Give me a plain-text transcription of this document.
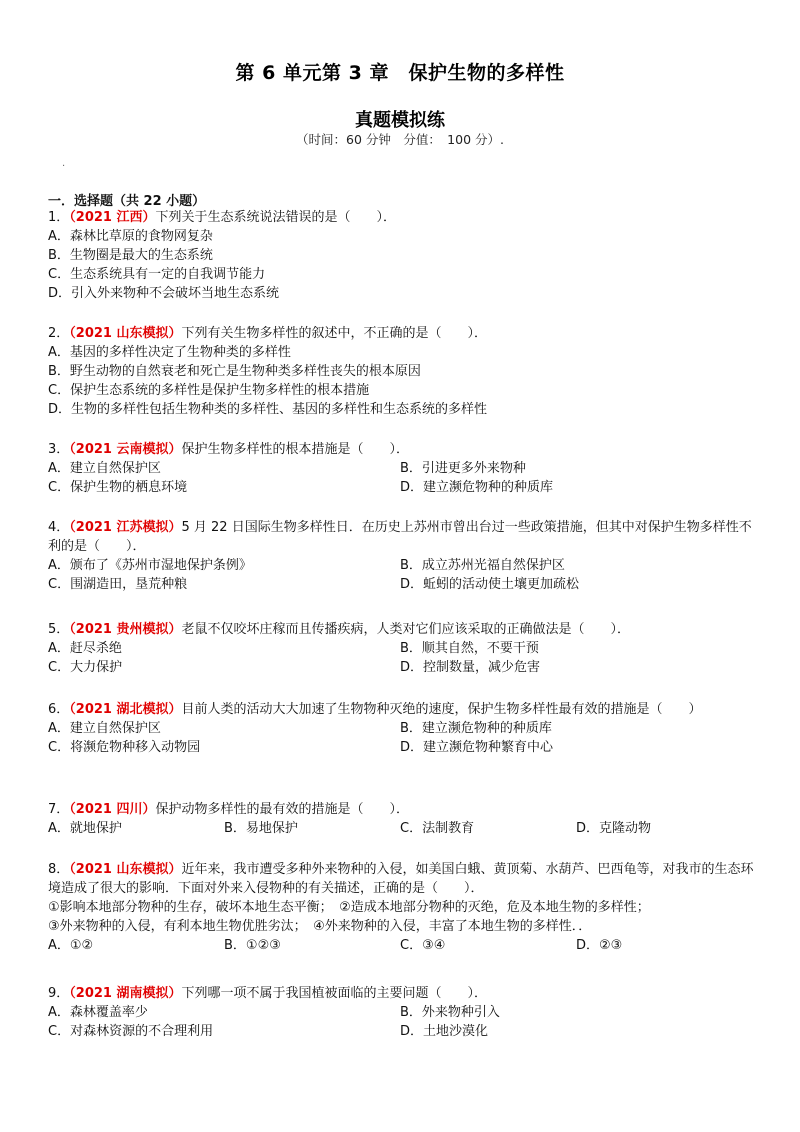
第 6 单元第 3 章　保护生物的多样性
真题模拟练
（时间：60 分钟　分值：　100 分）.
.
一．选择题（共 22 小题）
1．（2021 江西）下列关于生态系统说法错误的是（　　）．
A．森林比草原的食物网复杂
B．生物圈是最大的生态系统
C．生态系统具有一定的自我调节能力
D．引入外来物种不会破坏当地生态系统
2．（2021 山东模拟）下列有关生物多样性的叙述中，不正确的是（　　）．
A．基因的多样性决定了生物种类的多样性
B．野生动物的自然衰老和死亡是生物种类多样性丧失的根本原因
C．保护生态系统的多样性是保护生物多样性的根本措施
D．生物的多样性包括生物种类的多样性、基因的多样性和生态系统的多样性
3．（2021 云南模拟）保护生物多样性的根本措施是（　　）．
A．建立自然保护区	B．引进更多外来物种
C．保护生物的栖息环境	D．建立濒危物种的种质库
4．（2021 江苏模拟）5 月 22 日国际生物多样性日．在历史上苏州市曾出台过一些政策措施，但其中对保护生物多样性不利的是（　　）．
A．颁布了《苏州市湿地保护条例》	B．成立苏州光福自然保护区
C．围湖造田，垦荒种粮	D．蚯蚓的活动使土壤更加疏松
5．（2021 贵州模拟）老鼠不仅咬坏庄稼而且传播疾病，人类对它们应该采取的正确做法是（　　）．
A．赶尽杀绝	B．顺其自然，不要干预
C．大力保护	D．控制数量，减少危害
6．（2021 湖北模拟）目前人类的活动大大加速了生物物种灭绝的速度，保护生物多样性最有效的措施是（　　）
A．建立自然保护区	B．建立濒危物种的种质库
C．将濒危物种移入动物园	D．建立濒危物种繁育中心
7．（2021 四川）保护动物多样性的最有效的措施是（　　）．
A．就地保护	B．易地保护	C．法制教育	D．克隆动物
8．（2021 山东模拟）近年来，我市遭受多种外来物种的入侵，如美国白蛾、黄顶菊、水葫芦、巴西龟等，对我市的生态环境造成了很大的影响．下面对外来入侵物种的有关描述，正确的是（　　）．
①影响本地部分物种的生存，破坏本地生态平衡；　②造成本地部分物种的灭绝，危及本地生物的多样性；
③外来物种的入侵，有利本地生物优胜劣汰；　④外来物种的入侵，丰富了本地生物的多样性．．
A．①②	B．①②③	C．③④	D．②③
9．（2021 湖南模拟）下列哪一项不属于我国植被面临的主要问题（　　）．
A．森林覆盖率少	B．外来物种引入
C．对森林资源的不合理利用	D．土地沙漠化
